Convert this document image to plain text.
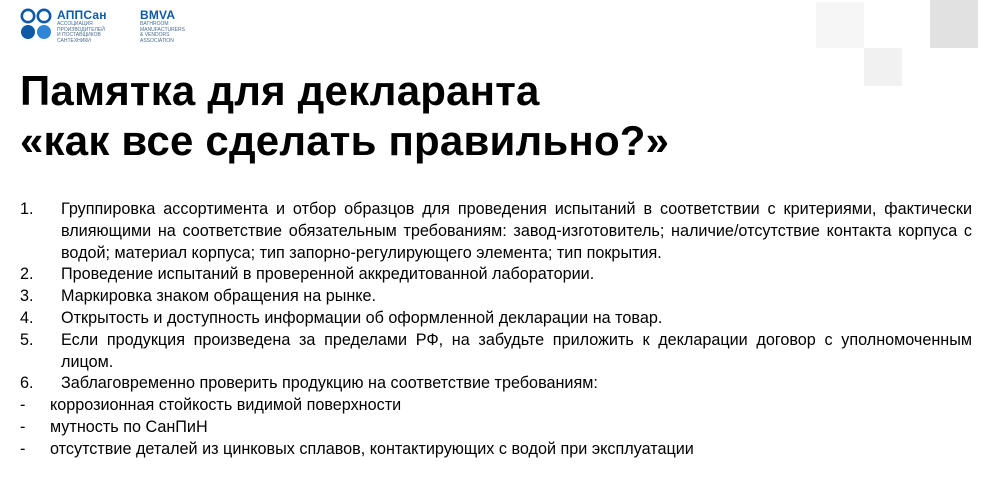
АППСан
АССОЦИАЦИЯ
ПРОИЗВОДИТЕЛЕЙ
И ПОСТАВЩИКОВ
САНТЕХНИКИ
BMVA
BATHROOM
MANUFACTURERS
& VENDORS
ASSOCIATION
Памятка для декларанта
«как все сделать правильно?»
1.	Группировка ассортимента и отбор образцов для проведения испытаний в соответствии с критериями, фактически влияющими на соответствие обязательным требованиям: завод-изготовитель; наличие/отсутствие контакта корпуса с водой; материал корпуса; тип запорно-регулирующего элемента; тип покрытия.
2.	Проведение испытаний в проверенной аккредитованной лаборатории.
3.	Маркировка знаком обращения на рынке.
4.	Открытость и доступность информации об оформленной декларации на товар.
5.	Если продукция произведена за пределами РФ, на забудьте приложить к декларации договор с уполномоченным лицом.
6.	Заблаговременно проверить продукцию на соответствие требованиям:
- коррозионная стойкость видимой поверхности
- мутность по СанПиН
- отсутствие деталей из цинковых сплавов, контактирующих с водой при эксплуатации
